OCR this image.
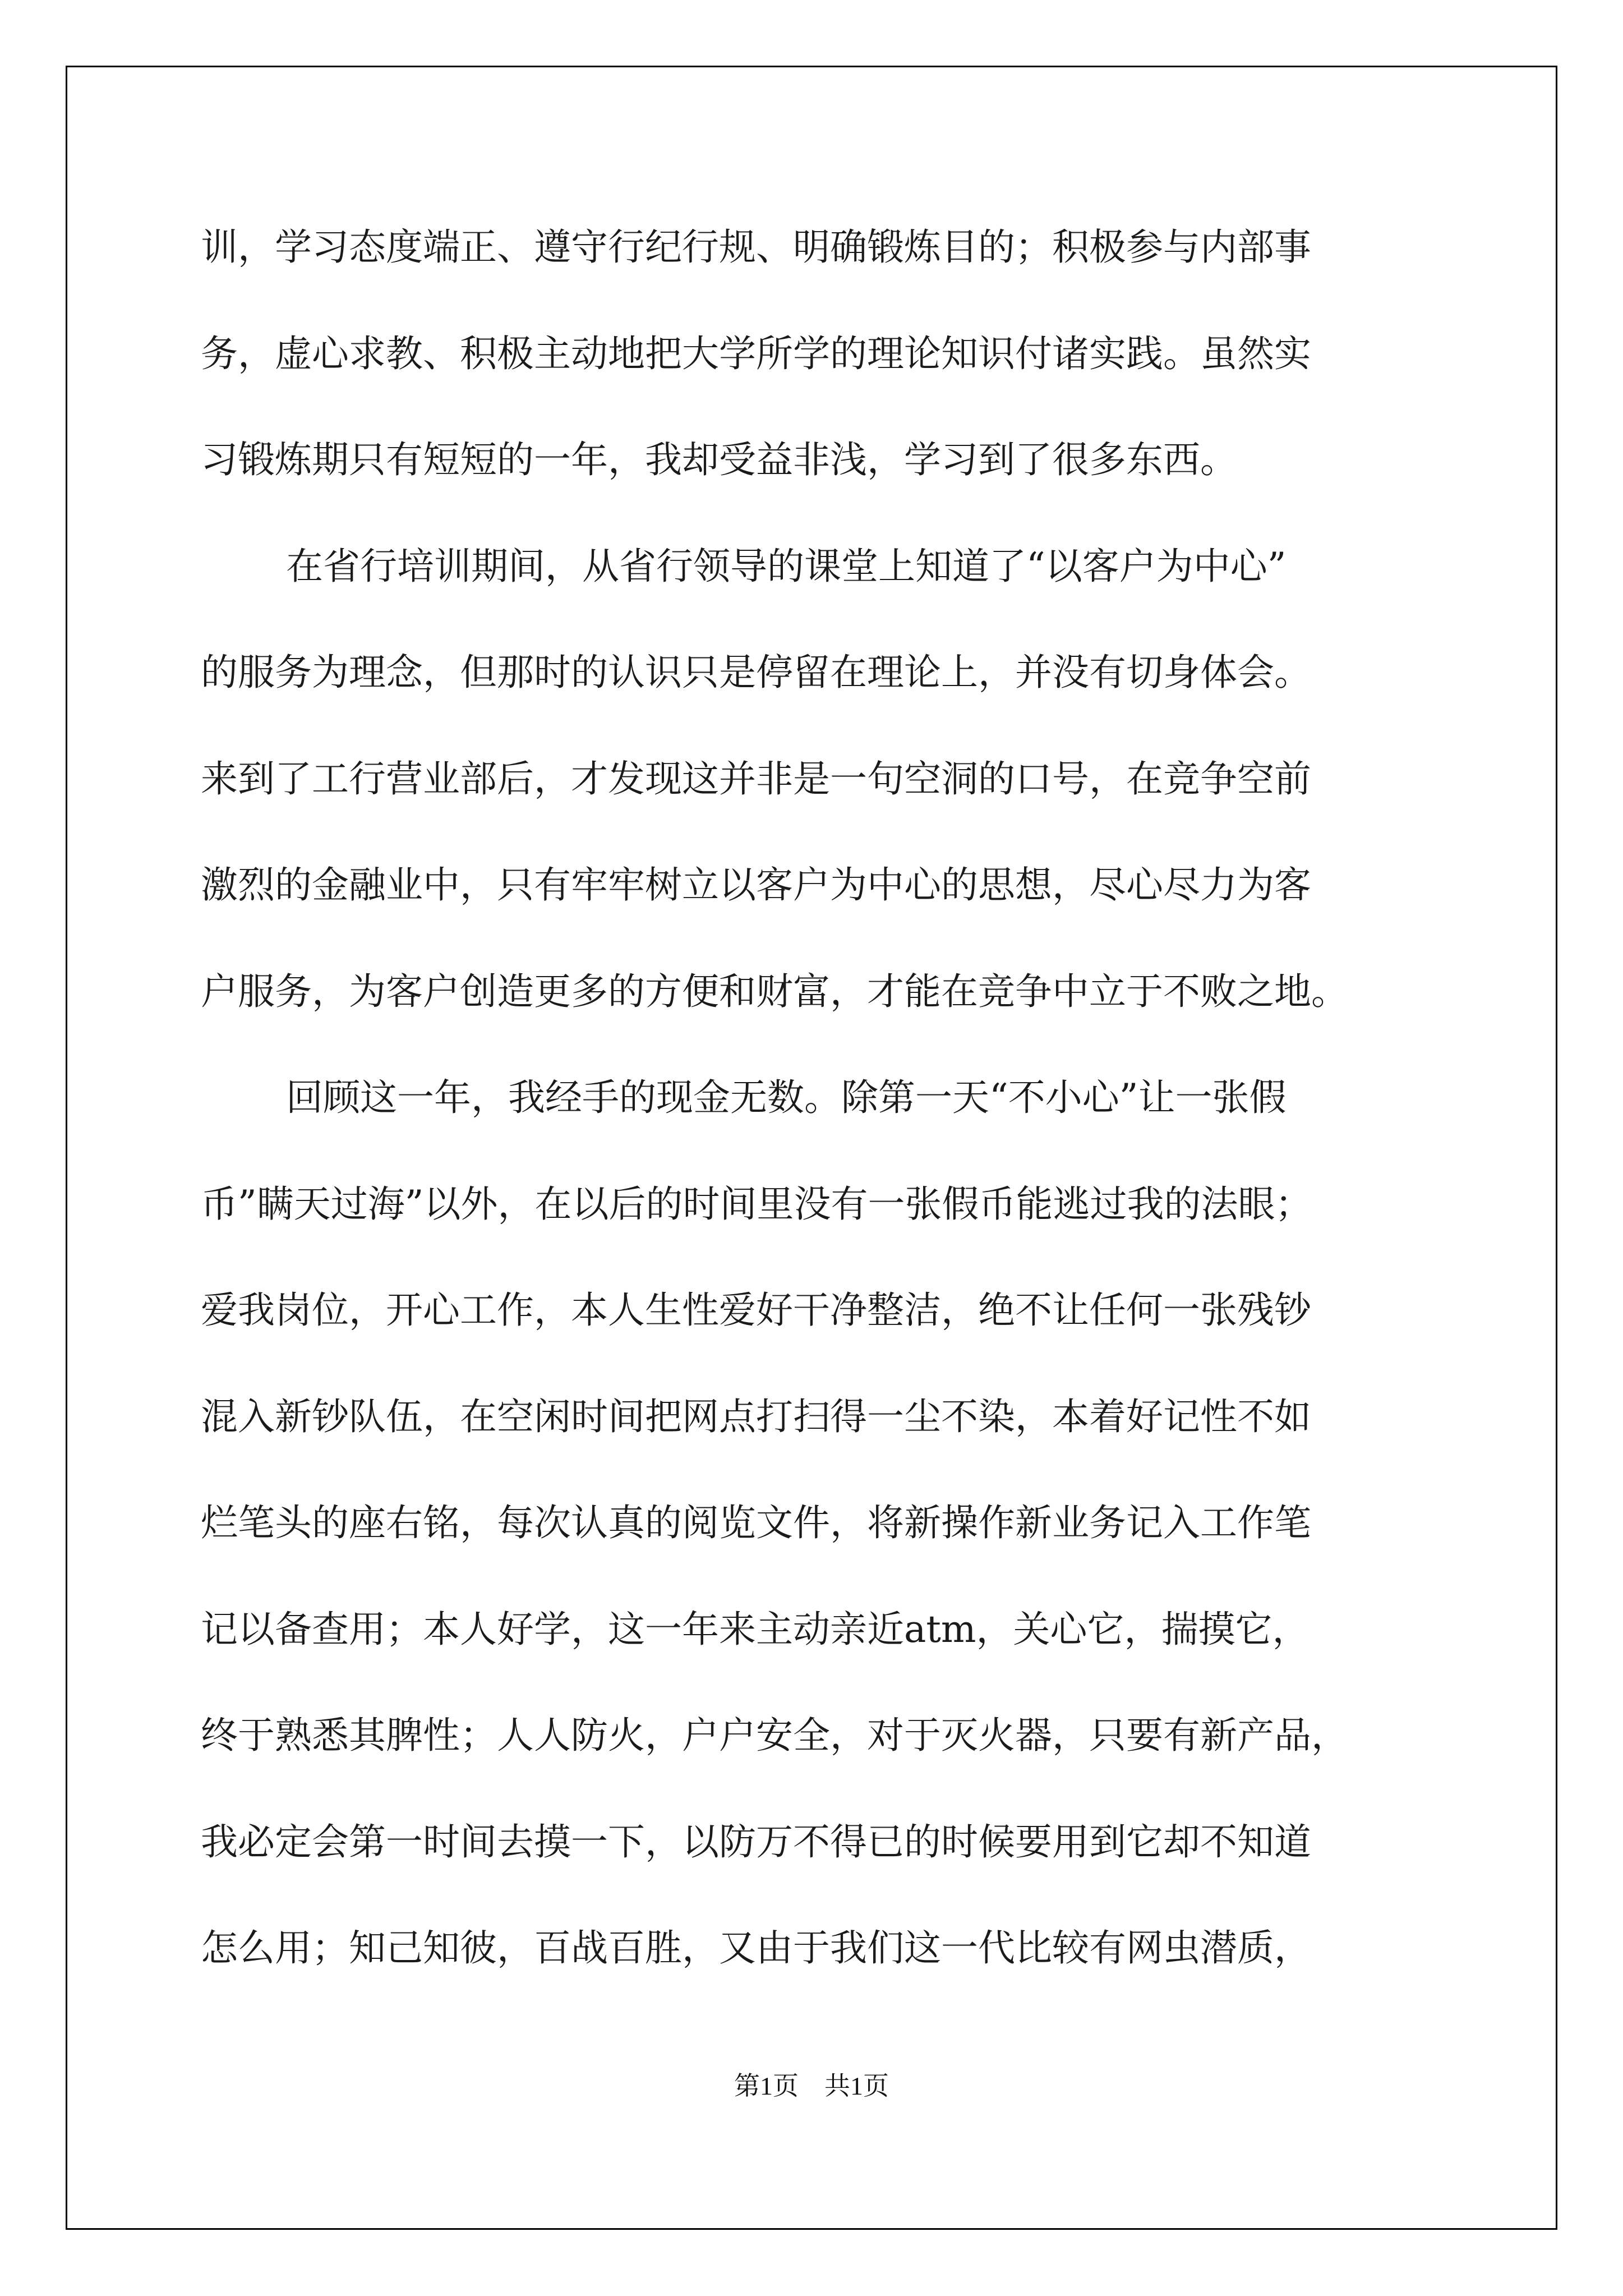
训，学习态度端正、遵守行纪行规、明确锻炼目的；积极参与内部事

务，虚心求教、积极主动地把大学所学的理论知识付诸实践。虽然实

习锻炼期只有短短的一年，我却受益非浅，学习到了很多东西。

在省行培训期间，从省行领导的课堂上知道了“以客户为中心”

的服务为理念，但那时的认识只是停留在理论上，并没有切身体会。

来到了工行营业部后，才发现这并非是一句空洞的口号，在竞争空前

激烈的金融业中，只有牢牢树立以客户为中心的思想，尽心尽力为客

户服务，为客户创造更多的方便和财富，才能在竞争中立于不败之地。

回顾这一年，我经手的现金无数。除第一天“不小心”让一张假

币”瞒天过海”以外，在以后的时间里没有一张假币能逃过我的法眼；

爱我岗位，开心工作，本人生性爱好干净整洁，绝不让任何一张残钞

混入新钞队伍，在空闲时间把网点打扫得一尘不染，本着好记性不如

烂笔头的座右铭，每次认真的阅览文件，将新操作新业务记入工作笔

记以备查用；本人好学，这一年来主动亲近atm，关心它，揣摸它，

终于熟悉其脾性；人人防火，户户安全，对于灭火器，只要有新产品，

我必定会第一时间去摸一下，以防万不得已的时候要用到它却不知道

怎么用；知己知彼，百战百胜，又由于我们这一代比较有网虫潜质，

第1页　共1页
